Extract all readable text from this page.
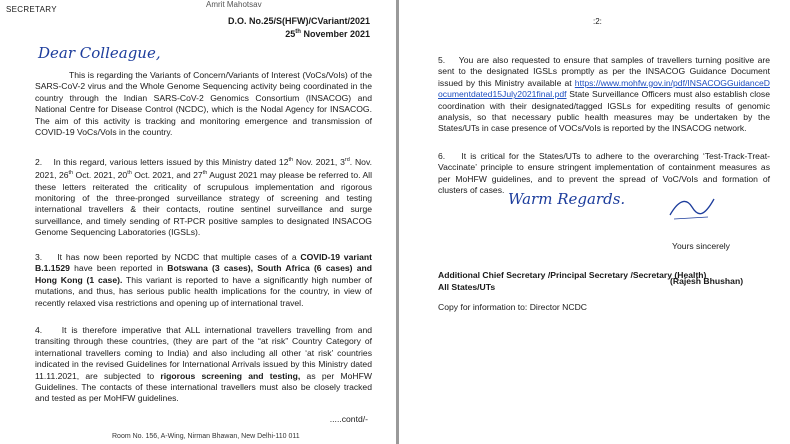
SECRETARY
Amrit Mahotsav
D.O. No.25/S(HFW)/CVariant/2021
25th November 2021
Dear Colleague,
This is regarding the Variants of Concern/Variants of Interest (VoCs/VoIs) of the SARS-CoV-2 virus and the Whole Genome Sequencing activity being coordinated in the country through the Indian SARS-CoV-2 Genomics Consortium (INSACOG) and National Centre for Disease Control (NCDC), which is the Nodal Agency for INSACOG. The aim of this activity is tracking and monitoring emergence and transmission of COVID-19 VoCs/VoIs in the country.
2. In this regard, various letters issued by this Ministry dated 12th Nov. 2021, 3rd. Nov. 2021, 26th Oct. 2021, 20th Oct. 2021, and 27th August 2021 may please be referred to. All these letters reiterated the criticality of scrupulous implementation and rigorous monitoring of the three-pronged surveillance strategy of screening and testing international travellers & their contacts, routine sentinel surveillance and surge surveillance, and timely sending of RT-PCR positive samples to designated INSACOG Genome Sequencing Laboratories (IGSLs).
3. It has now been reported by NCDC that multiple cases of a COVID-19 variant B.1.1529 have been reported in Botswana (3 cases), South Africa (6 cases) and Hong Kong (1 case). This variant is reported to have a significantly high number of mutations, and thus, has serious public health implications for the country, in view of recently relaxed visa restrictions and opening up of international travel.
4. It is therefore imperative that ALL international travellers travelling from and transiting through these countries, (they are part of the “at risk” Country Category of international travellers coming to India) and also including all other ‘at risk’ countries indicated in the revised Guidelines for International Arrivals issued by this Ministry dated 11.11.2021, are subjected to rigorous screening and testing, as per MoHFW Guidelines. The contacts of these international travellers must also be closely tracked and tested as per MoHFW guidelines.
.....contd/-
Room No. 156, A-Wing, Nirman Bhawan, New Delhi-110 011
:2:
5. You are also requested to ensure that samples of travellers turning positive are sent to the designated IGSLs promptly as per the INSACOG Guidance Document issued by this Ministry available at https://www.mohfw.gov.in/pdf/INSACOGGuidanceDocumentdated15July2021final.pdf State Surveillance Officers must also establish close coordination with their designated/tagged IGSLs for expediting results of genomic analysis, so that necessary public health measures may be undertaken by the States/UTs in case presence of VOCs/VoIs is reported by the INSACOG network.
6. It is critical for the States/UTs to adhere to the overarching ‘Test-Track-Treat-Vaccinate’ principle to ensure stringent implementation of containment measures as per MoHFW guidelines, and to prevent the spread of VoC/VoIs and formation of clusters of cases. Warm Regards.
Yours sincerely
(Rajesh Bhushan)
Additional Chief Secretary /Principal Secretary /Secretary (Health)
All States/UTs
Copy for information to: Director NCDC
